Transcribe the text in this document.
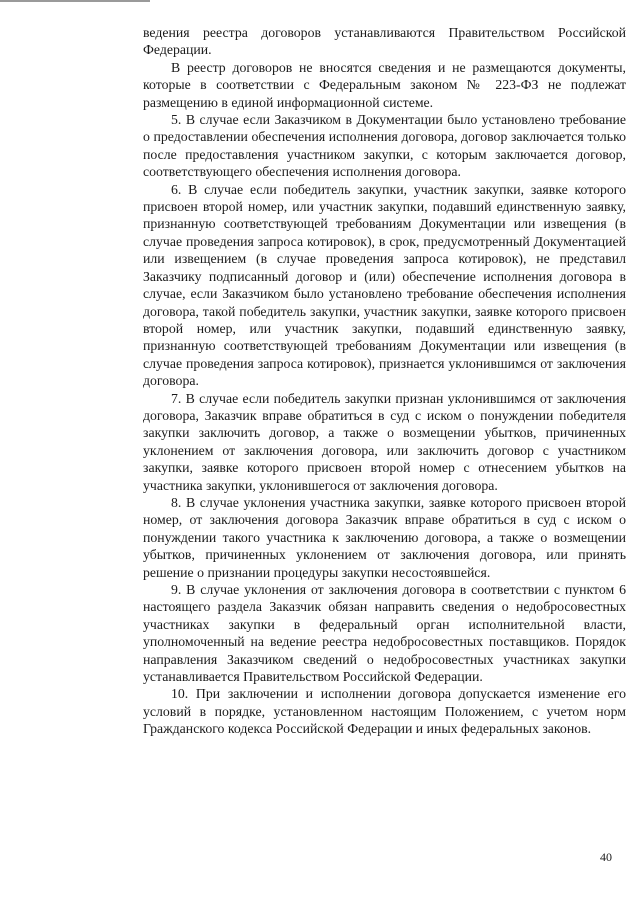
ведения реестра договоров устанавливаются Правительством Российской Федерации.

В реестр договоров не вносятся сведения и не размещаются документы, которые в соответствии с Федеральным законом № 223-ФЗ не подлежат размещению в единой информационной системе.

5. В случае если Заказчиком в Документации было установлено требование о предоставлении обеспечения исполнения договора, договор заключается только после предоставления участником закупки, с которым заключается договор, соответствующего обеспечения исполнения договора.

6. В случае если победитель закупки, участник закупки, заявке которого присвоен второй номер, или участник закупки, подавший единственную заявку, признанную соответствующей требованиям Документации или извещения (в случае проведения запроса котировок), в срок, предусмотренный Документацией или извещением (в случае проведения запроса котировок), не представил Заказчику подписанный договор и (или) обеспечение исполнения договора в случае, если Заказчиком было установлено требование обеспечения исполнения договора, такой победитель закупки, участник закупки, заявке которого присвоен второй номер, или участник закупки, подавший единственную заявку, признанную соответствующей требованиям Документации или извещения (в случае проведения запроса котировок), признается уклонившимся от заключения договора.

7. В случае если победитель закупки признан уклонившимся от заключения договора, Заказчик вправе обратиться в суд с иском о понуждении победителя закупки заключить договор, а также о возмещении убытков, причиненных уклонением от заключения договора, или заключить договор с участником закупки, заявке которого присвоен второй номер с отнесением убытков на участника закупки, уклонившегося от заключения договора.

8. В случае уклонения участника закупки, заявке которого присвоен второй номер, от заключения договора Заказчик вправе обратиться в суд с иском о понуждении такого участника к заключению договора, а также о возмещении убытков, причиненных уклонением от заключения договора, или принять решение о признании процедуры закупки несостоявшейся.

9. В случае уклонения от заключения договора в соответствии с пунктом 6 настоящего раздела Заказчик обязан направить сведения о недобросовестных участниках закупки в федеральный орган исполнительной власти, уполномоченный на ведение реестра недобросовестных поставщиков. Порядок направления Заказчиком сведений о недобросовестных участниках закупки устанавливается Правительством Российской Федерации.

10. При заключении и исполнении договора допускается изменение его условий в порядке, установленном настоящим Положением, с учетом норм Гражданского кодекса Российской Федерации и иных федеральных законов.

40
